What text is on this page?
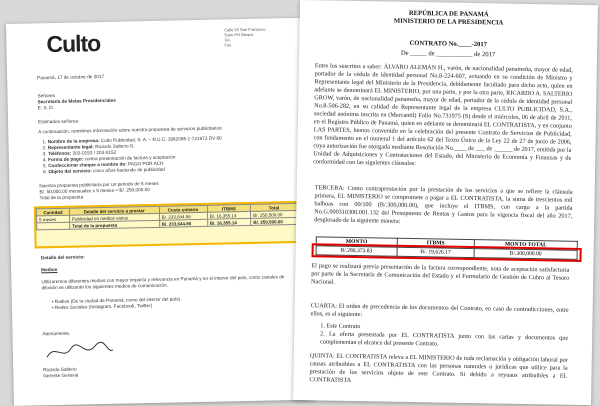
Culto
Calle 50 San Francisco
Suite PH Bloque
Tel.
Fax
Panamá, 17 de octubre de 2017
Señores
Secretaría de Metas Presidenciales
E. S. D.
Estimados señores:
A continuación, remitimos información sobre nuestra propuesta de servicios publicitarios:
1. Nombre de la empresa: Culto Publicidad, S. A. – R.U.C. 1962065-1-731973 DV 80
2. Representante legal: Ricardo Salterio G.
3. Teléfonos: 203-0153 / 203-0152
4. Forma de pago: contra presentación de factura y aceptación
5. Confeccionar cheque a nombre de: PAGO POR ACH
6. Objeto del servicio: cinco años haciendo de publicidad
Nuestra propuesta publicitaria por un periodo de 5 meses
B/. 50,000.00 mensuales x 5 meses = B/. 250,000.00
Total de la propuesta
Cantidad	Detalle del servicio a prestar	Costo unitario	ITBMS	Total
5 meses	Publicidad en medios varios	B/. 233,644.86	B/. 16,355.14	B/. 250,500.00
	Total de la propuesta	B/. 233,644.86	B/. 16,355.14	B/. 250,500.00
Detalle del servicio:
Medios
Utilizaremos diferentes medios con mayor impacto y relevancia en Panamá y en el interior del país, como canales de difusión se utilizarán los siguientes medios de comunicación.
• Radios (De la ciudad de Panamá, como del interior del país)
• Redes Sociales (Instagram, Facebook, Twitter)
Atentamente,
Ricardo Salterio
Gerente General
REPÚBLICA DE PANAMÁ
MINISTERIO DE LA PRESIDENCIA
CONTRATO No.____-2017
De _____ de ___________ de 2017
Entre los suscritos a saber: ÁLVARO ALEMÁN H., varón, de nacionalidad panameña, mayor de edad, portador de la cédula de identidad personal No.8-224-607, actuando en su condición de Ministro y Representante legal del Ministerio de la Presidencia, debidamente facultado para dicho acto, quien en adelante se denominará EL MINISTERIO, por una parte, y por la otra parte, RICARDO A. SALTERIO GROW, varón, de nacionalidad panameña, mayor de edad, portador de la cédula de identidad personal No.8-506-282, en su calidad de Representante legal de la empresa CULTO PUBLICIDAD, S.A., sociedad anónima inscrita en (Mercantil) Folio No.731975 (S) desde el miércoles, 06 de abril de 2011, en el Registro Público de Panamá, quien en adelante se denominará EL CONTRATISTA, y en conjunto LAS PARTES, hemos convenido en la celebración del presente Contrato de Servicios de Publicidad, con fundamento en el numeral 1 del artículo 62 del Texto Único de la Ley 22 de 27 de junio de 2006, cuya autorización fue otorgada mediante Resolución No.____ de ___ de ______ de 2017, emitida por la Unidad de Adquisiciones y Contrataciones del Estado, del Ministerio de Economía y Finanzas y de conformidad con las siguientes cláusulas:
TERCERA: Como contraprestación por la prestación de los servicios a que se refiere la cláusula primera, EL MINISTERIO se compromete a pagar a EL CONTRATISTA, la suma de trescientos mil balboas con 00/100 (B/.300,000.00), que incluye el ITBMS, con cargo a la partida No.G.000310300.001.132 del Presupuesto de Rentas y Gastos para la vigencia fiscal del año 2017, desglosado de la siguiente manera:
MONTO	ITBMS	MONTO TOTAL
B/.280,373.83	B/. 19,626.17	B/.300,000.00
El pago se realizará previa presentación de la factura correspondiente, nota de aceptación satisfactoria por parte de la Secretaría de Comunicación del Estado y el Formulario de Gestión de Cobro al Tesoro Nacional.
CUARTA: El orden de precedencia de los documentos del Contrato, en caso de contradicciones, entre ellos, es el siguiente:
1. Este Contrato
2. La oferta presentada por EL CONTRATISTA junto con las cartas y documentos que complementan el alcance del presente Contrato.
QUINTA: EL CONTRATISTA releva a EL MINISTERIO de toda reclamación y obligación laboral por causas atribuibles a EL CONTRATISTA con las personas naturales o jurídicas que utilice para la prestación de los servicios objeto de este Contrato. Si debido a reyuaus atribuibles a EL CONTRATISTA
